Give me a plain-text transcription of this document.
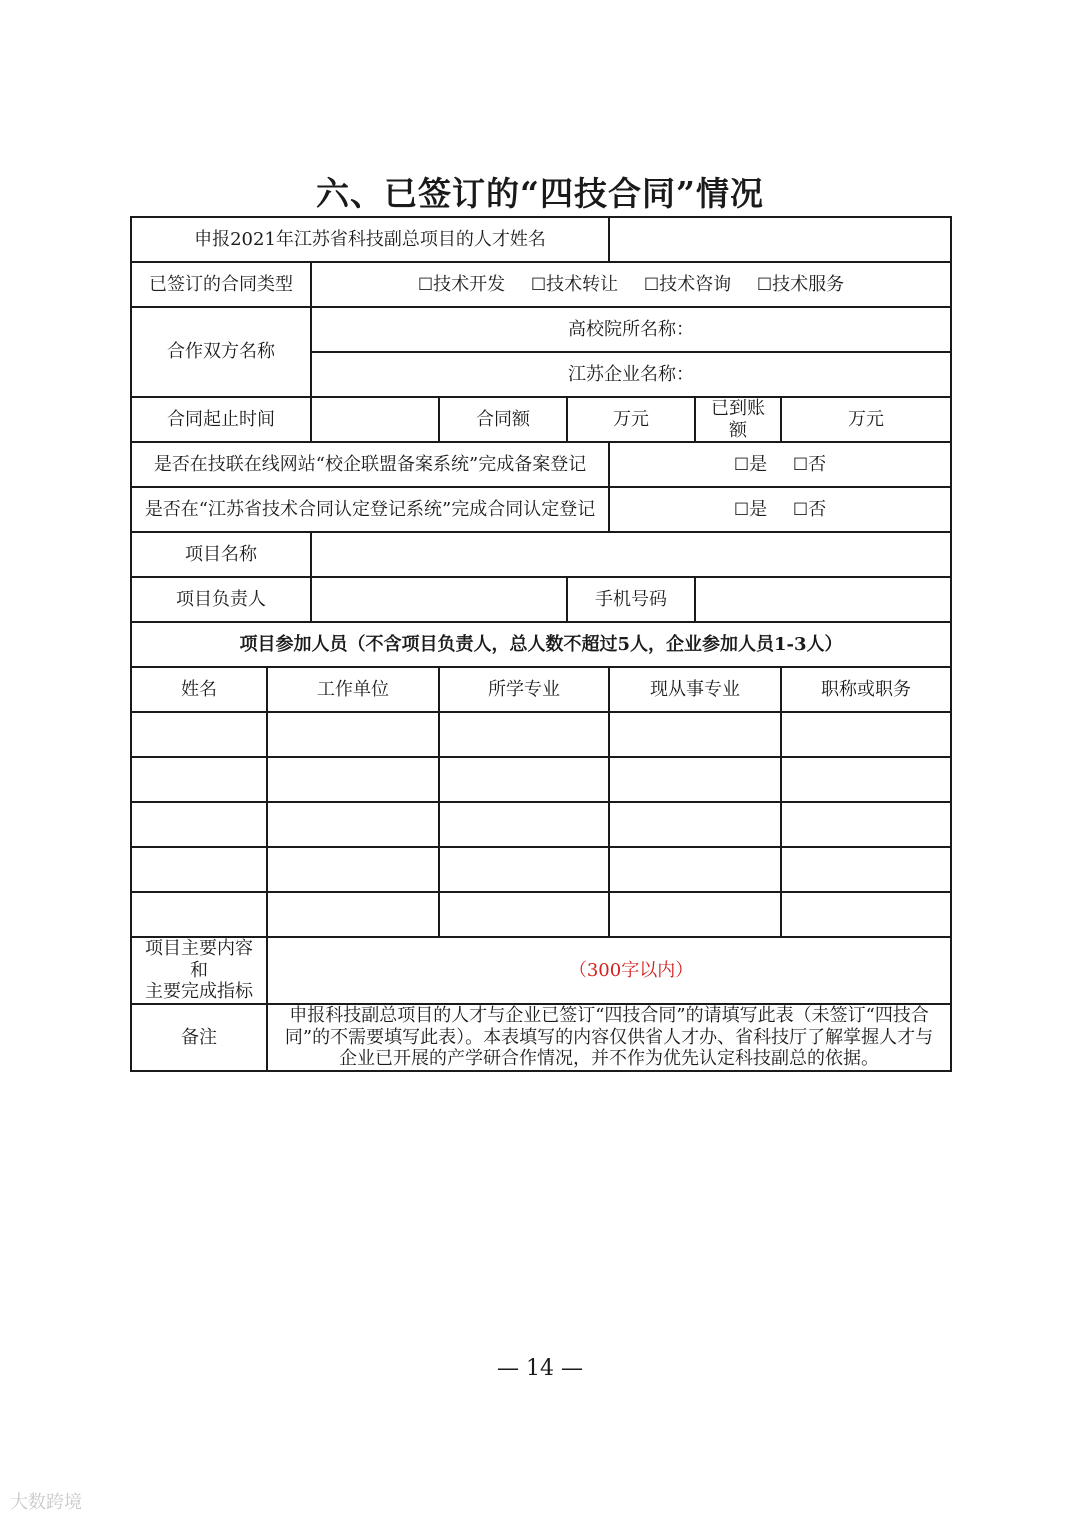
六、已签订的“四技合同”情况
申报2021年江苏省科技副总项目的人才姓名							
已签订的合同类型		☐技术开发 ☐技术转让 ☐技术咨询 ☐技术服务					
合作双方名称		高校院所名称：					
		江苏企业名称：					
合同起止时间			合同额	万元		已到账额	万元
是否在技联在线网站“校企联盟备案系统”完成备案登记					☐是 ☐否		
是否在“江苏省技术合同认定登记系统”完成合同认定登记					☐是 ☐否		
项目名称							
项目负责人				手机号码			
项目参加人员（不含项目负责人，总人数不超过5人，企业参加人员1-3人）							
姓名	工作单位		所学专业		现从事专业		职称或职务

项目主要内容
和
主要完成指标	（300字以内）						
备注	申报科技副总项目的人才与企业已签订“四技合同”的请填写此表（未签订“四技合同”的不需要填写此表）。本表填写的内容仅供省人才办、省科技厅了解掌握人才与企业已开展的产学研合作情况，并不作为优先认定科技副总的依据。						
— 14 —
大数跨境
